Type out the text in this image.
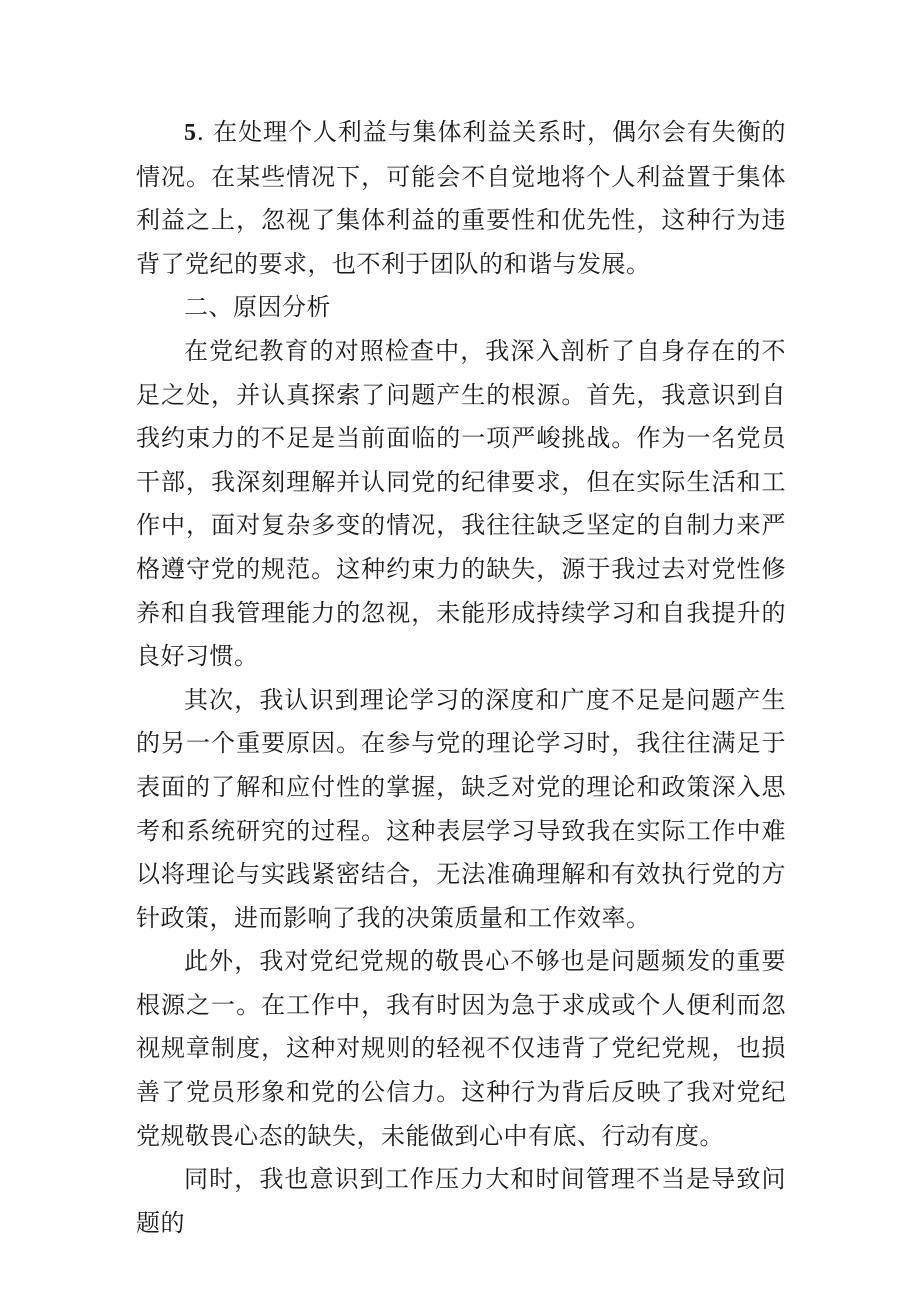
5. 在处理个人利益与集体利益关系时，偶尔会有失衡的情况。在某些情况下，可能会不自觉地将个人利益置于集体利益之上，忽视了集体利益的重要性和优先性，这种行为违背了党纪的要求，也不利于团队的和谐与发展。

二、原因分析

在党纪教育的对照检查中，我深入剖析了自身存在的不足之处，并认真探索了问题产生的根源。首先，我意识到自我约束力的不足是当前面临的一项严峻挑战。作为一名党员干部，我深刻理解并认同党的纪律要求，但在实际生活和工作中，面对复杂多变的情况，我往往缺乏坚定的自制力来严格遵守党的规范。这种约束力的缺失，源于我过去对党性修养和自我管理能力的忽视，未能形成持续学习和自我提升的良好习惯。

其次，我认识到理论学习的深度和广度不足是问题产生的另一个重要原因。在参与党的理论学习时，我往往满足于表面的了解和应付性的掌握，缺乏对党的理论和政策深入思考和系统研究的过程。这种表层学习导致我在实际工作中难以将理论与实践紧密结合，无法准确理解和有效执行党的方针政策，进而影响了我的决策质量和工作效率。

此外，我对党纪党规的敬畏心不够也是问题频发的重要根源之一。在工作中，我有时因为急于求成或个人便利而忽视规章制度，这种对规则的轻视不仅违背了党纪党规，也损善了党员形象和党的公信力。这种行为背后反映了我对党纪党规敬畏心态的缺失，未能做到心中有底、行动有度。

同时，我也意识到工作压力大和时间管理不当是导致问题的
